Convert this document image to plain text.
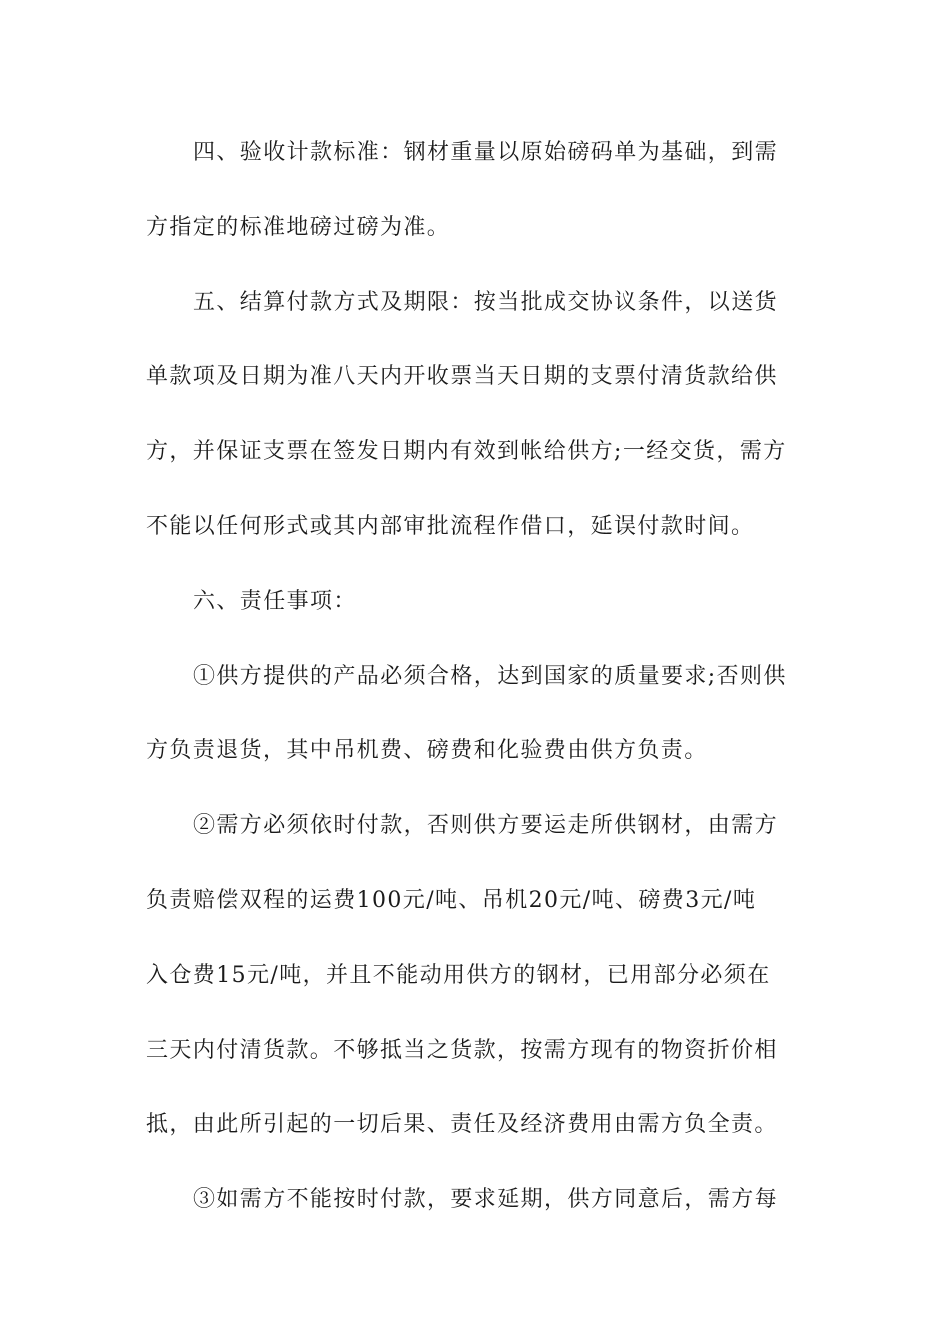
四、验收计款标准：钢材重量以原始磅码单为基础，到需
方指定的标准地磅过磅为准。
五、结算付款方式及期限：按当批成交协议条件，以送货
单款项及日期为准八天内开收票当天日期的支票付清货款给供
方，并保证支票在签发日期内有效到帐给供方;一经交货，需方
不能以任何形式或其内部审批流程作借口，延误付款时间。
六、责任事项：
①供方提供的产品必须合格，达到国家的质量要求;否则供
方负责退货，其中吊机费、磅费和化验费由供方负责。
②需方必须依时付款，否则供方要运走所供钢材，由需方
负责赔偿双程的运费100元/吨、吊机20元/吨、磅费3元/吨
入仓费15元/吨，并且不能动用供方的钢材，已用部分必须在
三天内付清货款。不够抵当之货款，按需方现有的物资折价相
抵，由此所引起的一切后果、责任及经济费用由需方负全责。
③如需方不能按时付款，要求延期，供方同意后，需方每
